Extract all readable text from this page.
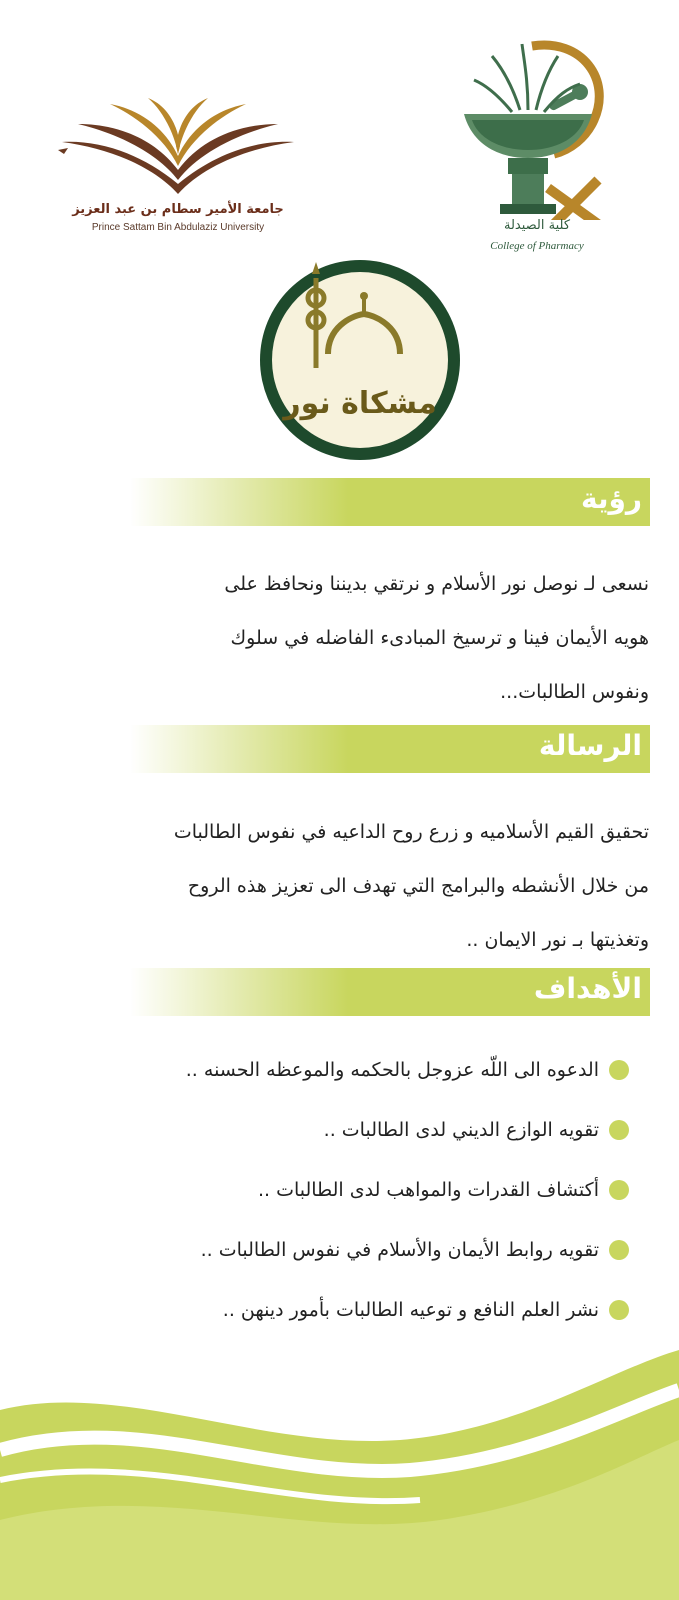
جامعة الأمير سطام بن عبد العزيز
Prince Sattam Bin Abdulaziz University	كلية الصيدلة
College of Pharmacy
مشكاة نور
رؤية
نسعى لـ نوصل نور الأسلام و نرتقي بديننا ونحافظ على
هويه الأيمان فينا و ترسيخ المبادىء الفاضله في سلوك
ونفوس الطالبات...
الرسالة
تحقيق القيم الأسلاميه و زرع روح الداعيه في نفوس الطالبات
من خلال الأنشطه والبرامج التي تهدف الى تعزيز هذه الروح
وتغذيتها بـ نور الايمان ..
الأهداف
الدعوه الى اللّه عزوجل بالحكمه والموعظه الحسنه ..
تقويه الوازع الديني لدى الطالبات ..
أكتشاف القدرات والمواهب لدى الطالبات ..
تقويه روابط الأيمان والأسلام في نفوس الطالبات ..
نشر العلم النافع و توعيه الطالبات بأمور دينهن ..
